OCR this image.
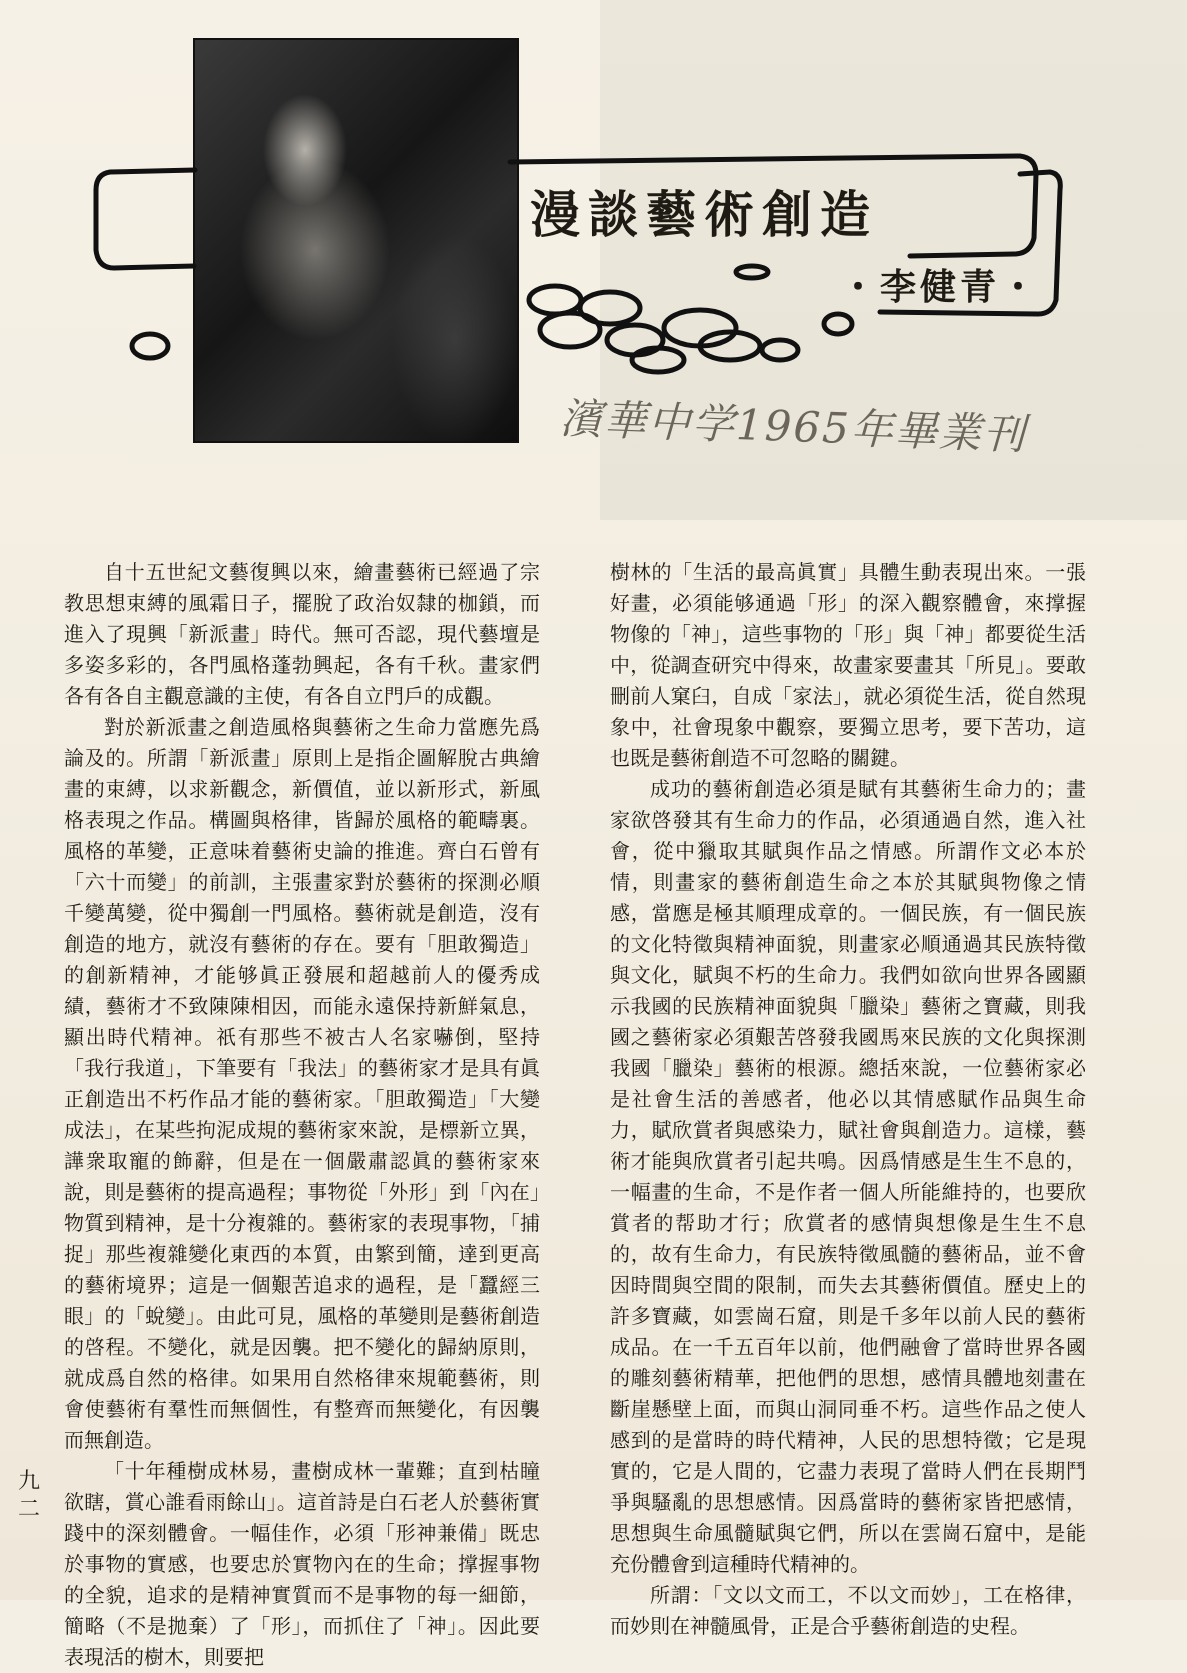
漫談藝術創造
・李健青・
濱華中学1965年畢業刊

自十五世紀文藝復興以來，繪畫藝術已經過了宗教思想束縛的風霜日子，擺脫了政治奴隸的枷鎖，而進入了現興「新派畫」時代。無可否認，現代藝壇是多姿多彩的，各門風格蓬勃興起，各有千秋。畫家們各有各自主觀意識的主使，有各自立門戶的成觀。

對於新派畫之創造風格與藝術之生命力當應先爲論及的。所謂「新派畫」原則上是指企圖解脫古典繪畫的束縛，以求新觀念，新價值，並以新形式，新風格表現之作品。構圖與格律，皆歸於風格的範疇裏。風格的革變，正意味着藝術史論的推進。齊白石曾有「六十而變」的前訓，主張畫家對於藝術的探測必順千變萬變，從中獨創一門風格。藝術就是創造，沒有創造的地方，就沒有藝術的存在。要有「胆敢獨造」的創新精神，才能够眞正發展和超越前人的優秀成績，藝術才不致陳陳相因，而能永遠保持新鮮氣息，顯出時代精神。祇有那些不被古人名家嚇倒，堅持「我行我道」，下筆要有「我法」的藝術家才是具有眞正創造出不朽作品才能的藝術家。「胆敢獨造」「大變成法」，在某些拘泥成規的藝術家來說，是標新立異，譁衆取寵的飾辭，但是在一個嚴肅認眞的藝術家來說，則是藝術的提高過程；事物從「外形」到「內在」物質到精神，是十分複雜的。藝術家的表現事物，「捕捉」那些複雜變化東西的本質，由繁到簡，達到更高的藝術境界；這是一個艱苦追求的過程，是「蠶經三眼」的「蛻變」。由此可見，風格的革變則是藝術創造的啓程。不變化，就是因襲。把不變化的歸納原則，就成爲自然的格律。如果用自然格律來規範藝術，則會使藝術有羣性而無個性，有整齊而無變化，有因襲而無創造。

「十年種樹成林易，畫樹成林一輩難；直到枯瞳欲瞎，賞心誰看雨餘山」。這首詩是白石老人於藝術實踐中的深刻體會。一幅佳作，必須「形神兼備」既忠於事物的實感，也要忠於實物內在的生命；撑握事物的全貌，追求的是精神實質而不是事物的每一細節，簡略（不是拋棄）了「形」，而抓住了「神」。因此要表現活的樹木，則要把

樹林的「生活的最高眞實」具體生動表現出來。一張好畫，必須能够通過「形」的深入觀察體會，來撑握物像的「神」，這些事物的「形」與「神」都要從生活中，從調查研究中得來，故畫家要畫其「所見」。要敢刪前人窠臼，自成「家法」，就必須從生活，從自然現象中，社會現象中觀察，要獨立思考，要下苦功，這也既是藝術創造不可忽略的關鍵。

成功的藝術創造必須是賦有其藝術生命力的；畫家欲啓發其有生命力的作品，必須通過自然，進入社會，從中獵取其賦與作品之情感。所謂作文必本於情，則畫家的藝術創造生命之本於其賦與物像之情感，當應是極其順理成章的。一個民族，有一個民族的文化特徵與精神面貌，則畫家必順通過其民族特徵與文化，賦與不朽的生命力。我們如欲向世界各國顯示我國的民族精神面貌與「臘染」藝術之寶藏，則我國之藝術家必須艱苦啓發我國馬來民族的文化與探測我國「臘染」藝術的根源。總括來說，一位藝術家必是社會生活的善感者，他必以其情感賦作品與生命力，賦欣賞者與感染力，賦社會與創造力。這樣，藝術才能與欣賞者引起共鳴。因爲情感是生生不息的，一幅畫的生命，不是作者一個人所能維持的，也要欣賞者的帮助才行；欣賞者的感情與想像是生生不息的，故有生命力，有民族特徵風髓的藝術品，並不會因時間與空間的限制，而失去其藝術價值。歷史上的許多寶藏，如雲崗石窟，則是千多年以前人民的藝術成品。在一千五百年以前，他們融會了當時世界各國的雕刻藝術精華，把他們的思想，感情具體地刻畫在斷崖懸壁上面，而與山洞同垂不朽。這些作品之使人感到的是當時的時代精神，人民的思想特徵；它是現實的，它是人間的，它盡力表現了當時人們在長期鬥爭與騷亂的思想感情。因爲當時的藝術家皆把感情，思想與生命風髓賦與它們，所以在雲崗石窟中，是能充份體會到這種時代精神的。

所謂：「文以文而工，不以文而妙」，工在格律，而妙則在神髓風骨，正是合乎藝術創造的史程。

九
二
